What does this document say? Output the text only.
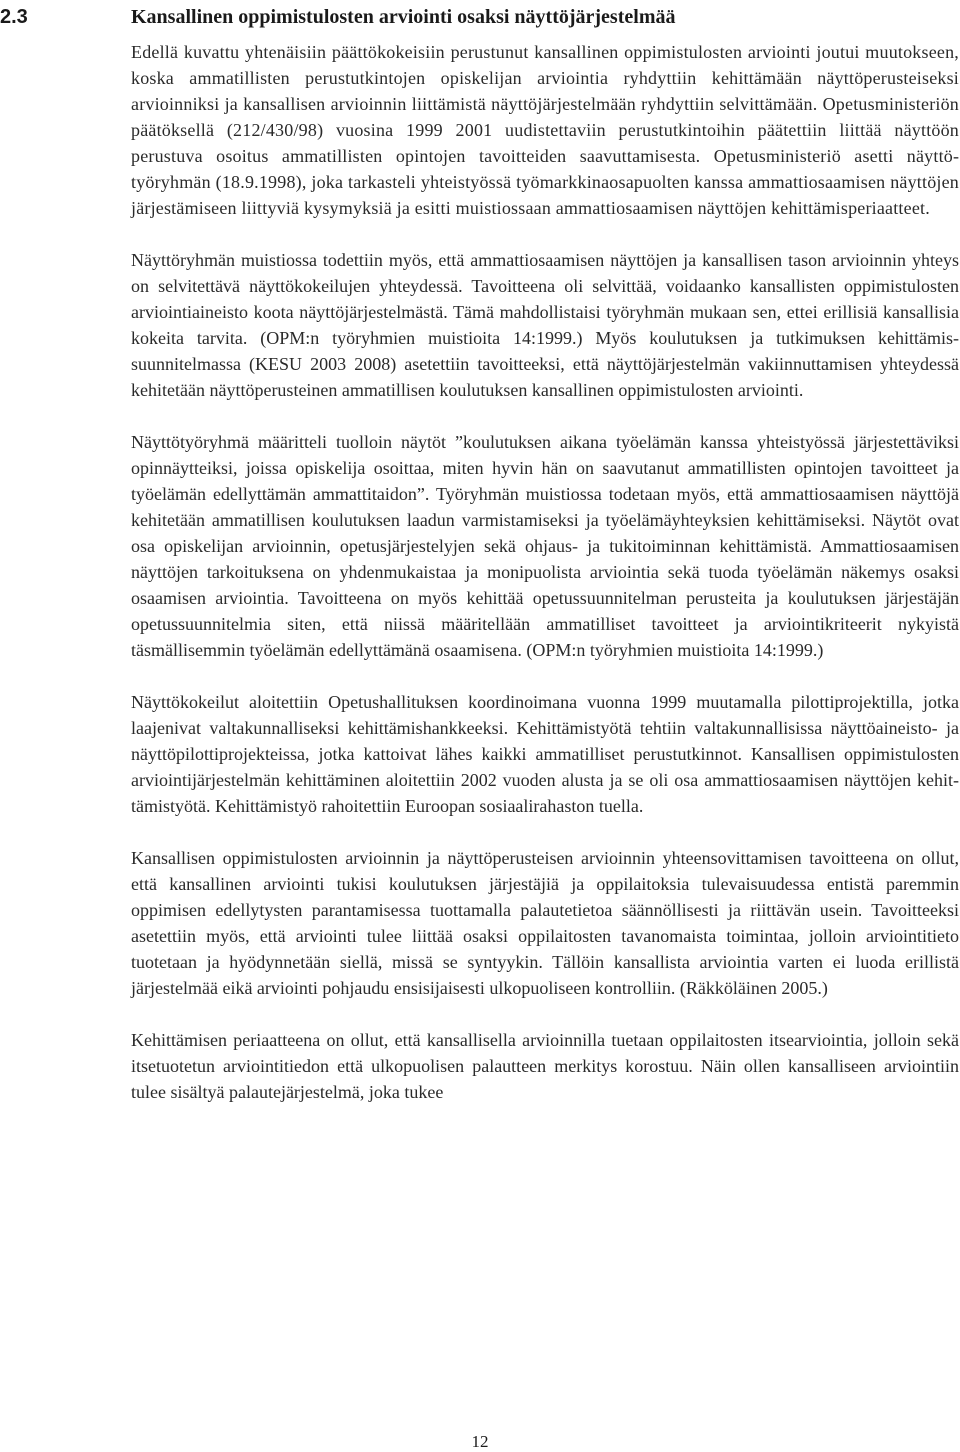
2.3	Kansallinen oppimistulosten arviointi osaksi näyttöjärjestelmää

Edellä kuvattu yhtenäisiin päättökokeisiin perustunut kansallinen oppimistulosten arviointi joutui muutokseen, koska ammatillisten perustutkintojen opiskelijan arviointia ryhdyttiin kehittämään näyttöperusteiseksi arvioinniksi ja kansallisen arvioinnin liittämistä näyttöjärjestelmään ryhdyttiin selvittämään. Opetusministeriön päätöksellä (212/430/98) vuosina 1999 2001 uudistettaviin perustutkintoihin päätettiin liittää näyttöön perustuva osoitus ammatillisten opintojen tavoitteiden saavuttamisesta. Opetusministeriö asetti näyttötyöryhmän (18.9.1998), joka tarkasteli yhteistyössä työmarkkinaosapuolten kanssa ammattiosaamisen näyttöjen järjestämiseen liittyviä kysymyksiä ja esitti muistiossaan ammattiosaamisen näyttöjen kehittämisperiaatteet.

Näyttöryhmän muistiossa todettiin myös, että ammattiosaamisen näyttöjen ja kansallisen tason arvioinnin yhteys on selvitettävä näyttökokeilujen yhteydessä. Tavoitteena oli selvittää, voidaanko kansallisten oppimistulosten arviointiaineisto koota näyttöjärjestelmästä. Tämä mahdollistaisi työryhmän mukaan sen, ettei erillisiä kansallisia kokeita tarvita. (OPM:n työryhmien muistioita 14:1999.) Myös koulutuksen ja tutkimuksen kehittämissuunnitelmassa (KESU 2003 2008) asetettiin tavoitteeksi, että näyttöjärjestelmän vakiinnuttamisen yhteydessä kehitetään näyttöperusteinen ammatillisen koulutuksen kansallinen oppimistulosten arviointi.

Näyttötyöryhmä määritteli tuolloin näytöt ”koulutuksen aikana työelämän kanssa yhteistyössä järjestettäviksi opinnäytteiksi, joissa opiskelija osoittaa, miten hyvin hän on saavutanut ammatillisten opintojen tavoitteet ja työelämän edellyttämän ammattitaidon”. Työryhmän muistiossa todetaan myös, että ammattiosaamisen näyttöjä kehitetään ammatillisen koulutuksen laadun varmistamiseksi ja työelämäyhteyksien kehittämiseksi. Näytöt ovat osa opiskelijan arvioinnin, opetusjärjestelyjen sekä ohjaus- ja tukitoiminnan kehittämistä. Ammattiosaamisen näyttöjen tarkoituksena on yhdenmukaistaa ja monipuolista arviointia sekä tuoda työelämän näkemys osaksi osaamisen arviointia. Tavoitteena on myös kehittää opetussuunnitelman perusteita ja koulutuksen järjestäjän opetussuunnitelmia siten, että niissä määritellään ammatilliset tavoitteet ja arviointikriteerit nykyistä täsmällisemmin työelämän edellyttämänä osaamisena. (OPM:n työryhmien muistioita 14:1999.)

Näyttökokeilut aloitettiin Opetushallituksen koordinoimana vuonna 1999 muutamalla pilottiprojektilla, jotka laajenivat valtakunnalliseksi kehittämishankkeeksi. Kehittämistyötä tehtiin valtakunnallisissa näyttöaineisto- ja näyttöpilottiprojekteissa, jotka kattoivat lähes kaikki ammatilliset perustutkinnot. Kansallisen oppimistulosten arviointijärjestelmän kehittäminen aloitettiin 2002 vuoden alusta ja se oli osa ammattiosaamisen näyttöjen kehittämistyötä. Kehittämistyö rahoitettiin Euroopan sosiaalirahaston tuella.

Kansallisen oppimistulosten arvioinnin ja näyttöperusteisen arvioinnin yhteensovittamisen tavoitteena on ollut, että kansallinen arviointi tukisi koulutuksen järjestäjiä ja oppilaitoksia tulevaisuudessa entistä paremmin oppimisen edellytysten parantamisessa tuottamalla palautetietoa säännöllisesti ja riittävän usein. Tavoitteeksi asetettiin myös, että arviointi tulee liittää osaksi oppilaitosten tavanomaista toimintaa, jolloin arviointitieto tuotetaan ja hyödynnetään siellä, missä se syntyykin. Tällöin kansallista arviointia varten ei luoda erillistä järjestelmää eikä arviointi pohjaudu ensisijaisesti ulkopuoliseen kontrolliin. (Räkköläinen 2005.)

Kehittämisen periaatteena on ollut, että kansallisella arvioinnilla tuetaan oppilaitosten itsearviointia, jolloin sekä itsetuotetun arviointitiedon että ulkopuolisen palautteen merkitys korostuu. Näin ollen kansalliseen arviointiin tulee sisältyä palautejärjestelmä, joka tukee

12
